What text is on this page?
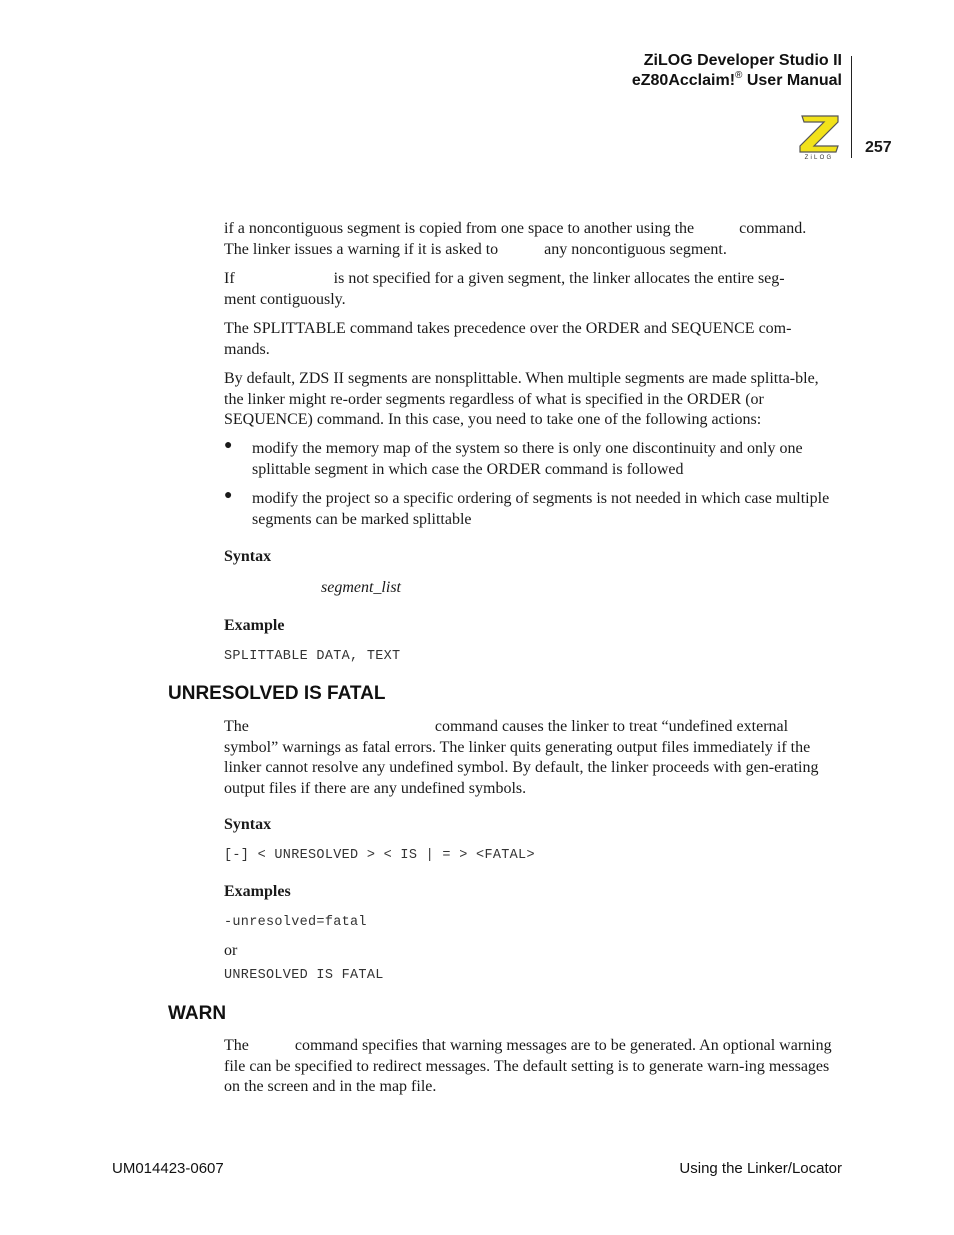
ZiLOG Developer Studio II
eZ80Acclaim!® User Manual
257
ZiLOG
if a noncontiguous segment is copied from one space to another using the	command.
The linker issues a warning if it is asked to	any noncontiguous segment.
If	is not specified for a given segment, the linker allocates the entire seg-
ment contiguously.
The SPLITTABLE command takes precedence over the ORDER and SEQUENCE com-mands.
By default, ZDS II segments are nonsplittable. When multiple segments are made splitta-ble, the linker might re-order segments regardless of what is specified in the ORDER (or SEQUENCE) command. In this case, you need to take one of the following actions:
● modify the memory map of the system so there is only one discontinuity and only one splittable segment in which case the ORDER command is followed
● modify the project so a specific ordering of segments is not needed in which case multiple segments can be marked splittable
Syntax
segment_list
Example
SPLITTABLE DATA, TEXT
UNRESOLVED IS FATAL
The	command causes the linker to treat “undefined external symbol” warnings as fatal errors. The linker quits generating output files immediately if the linker cannot resolve any undefined symbol. By default, the linker proceeds with gen-erating output files if there are any undefined symbols.
Syntax
[-] < UNRESOLVED > < IS | = > <FATAL>
Examples
-unresolved=fatal
or
UNRESOLVED IS FATAL
WARN
The	command specifies that warning messages are to be generated. An optional warning file can be specified to redirect messages. The default setting is to generate warn-ing messages on the screen and in the map file.
UM014423-0607	Using the Linker/Locator
